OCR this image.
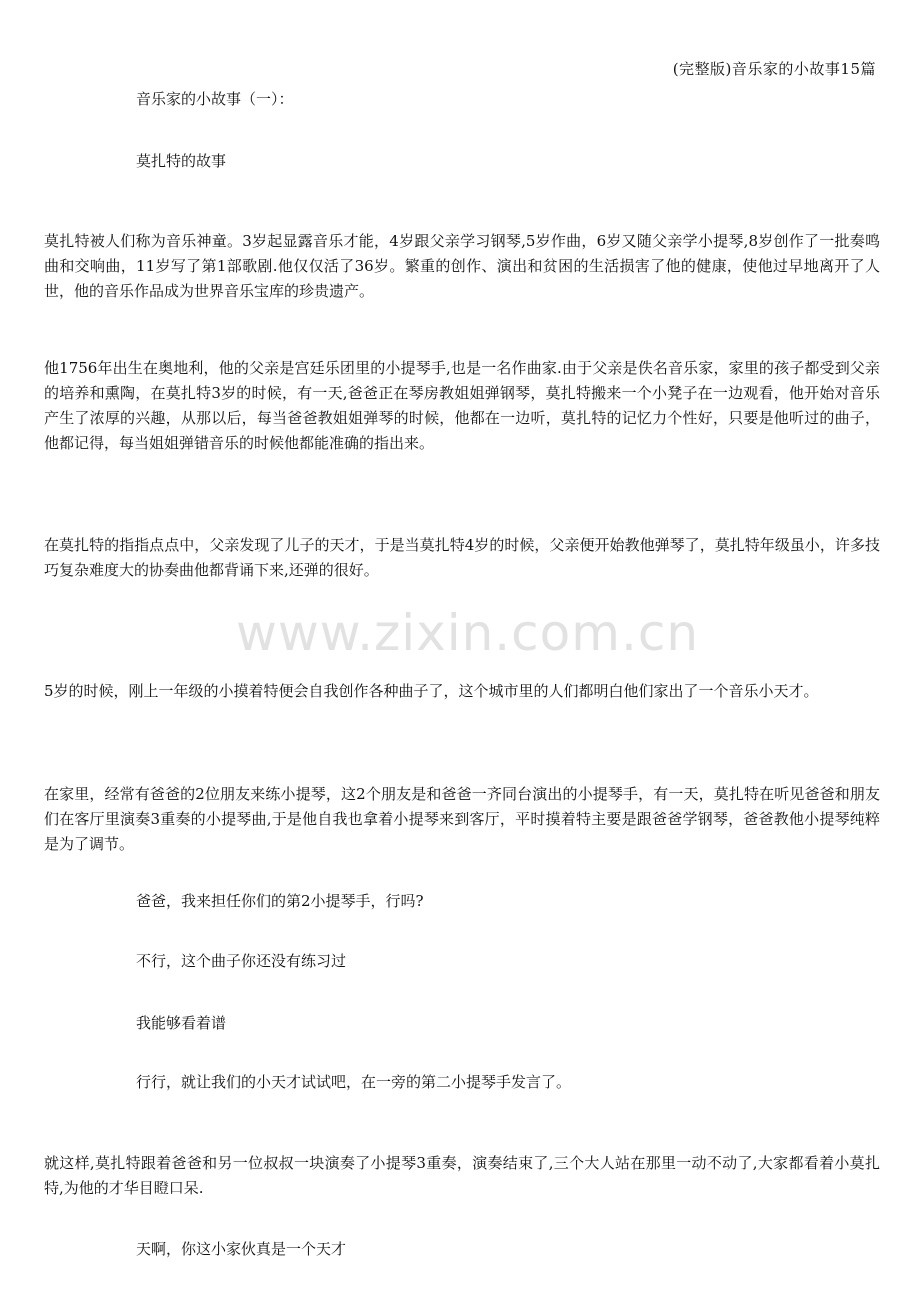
(完整版)音乐家的小故事15篇
音乐家的小故事（一）：
莫扎特的故事
莫扎特被人们称为音乐神童。3岁起显露音乐才能，4岁跟父亲学习钢琴,5岁作曲，6岁又随父亲学小提琴,8岁创作了一批奏鸣曲和交响曲，11岁写了第1部歌剧.他仅仅活了36岁。繁重的创作、演出和贫困的生活损害了他的健康，使他过早地离开了人世，他的音乐作品成为世界音乐宝库的珍贵遗产。
他1756年出生在奥地利，他的父亲是宫廷乐团里的小提琴手,也是一名作曲家.由于父亲是佚名音乐家，家里的孩子都受到父亲的培养和熏陶，在莫扎特3岁的时候，有一天,爸爸正在琴房教姐姐弹钢琴，莫扎特搬来一个小凳子在一边观看，他开始对音乐产生了浓厚的兴趣，从那以后，每当爸爸教姐姐弹琴的时候，他都在一边听，莫扎特的记忆力个性好，只要是他听过的曲子，他都记得，每当姐姐弹错音乐的时候他都能准确的指出来。
在莫扎特的指指点点中，父亲发现了儿子的天才，于是当莫扎特4岁的时候，父亲便开始教他弹琴了，莫扎特年级虽小，许多技巧复杂难度大的协奏曲他都背诵下来,还弹的很好。
www.zixin.com.cn
5岁的时候，刚上一年级的小摸着特便会自我创作各种曲子了，这个城市里的人们都明白他们家出了一个音乐小天才。
在家里，经常有爸爸的2位朋友来练小提琴，这2个朋友是和爸爸一齐同台演出的小提琴手，有一天，莫扎特在听见爸爸和朋友们在客厅里演奏3重奏的小提琴曲,于是他自我也拿着小提琴来到客厅，平时摸着特主要是跟爸爸学钢琴，爸爸教他小提琴纯粹是为了调节。
爸爸，我来担任你们的第2小提琴手，行吗?
不行，这个曲子你还没有练习过
我能够看着谱
行行，就让我们的小天才试试吧，在一旁的第二小提琴手发言了。
就这样,莫扎特跟着爸爸和另一位叔叔一块演奏了小提琴3重奏，演奏结束了,三个大人站在那里一动不动了,大家都看着小莫扎特,为他的才华目瞪口呆.
天啊，你这小家伙真是一个天才
